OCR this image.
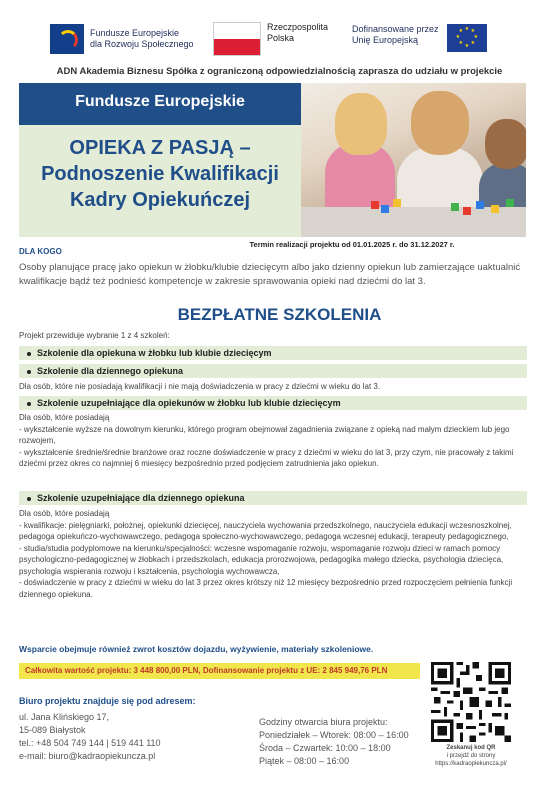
Fundusze Europejskie
dla Rozwoju Społecznego
Rzeczpospolita
Polska
Dofinansowane przez
Unię Europejską
★ ★
★
★
★
★
★
★
ADN Akademia Biznesu Spółka z ograniczoną odpowiedzialnością zaprasza do udziału w projekcie
Fundusze Europejskie
OPIEKA Z PASJĄ –
Podnoszenie Kwalifikacji
Kadry Opiekuńczej
Termin realizacji projektu od 01.01.2025 r. do 31.12.2027 r.
DLA KOGO
Osoby planujące pracę jako opiekun w żłobku/klubie dziecięcym albo jako dzienny opiekun lub zamierzające uaktualnić kwalifikacje bądź też podnieść kompetencje w zakresie sprawowania opieki nad dziećmi do lat 3.
BEZPŁATNE SZKOLENIA
Projekt przewiduje wybranie 1 z 4 szkoleń:
Szkolenie dla opiekuna w żłobku lub klubie dziecięcym
Szkolenie dla dziennego opiekuna
Dla osób, które nie posiadają kwalifikacji i nie mają doświadczenia w pracy z dziećmi w wieku do lat 3.
Szkolenie uzupełniające dla opiekunów w żłobku lub klubie dziecięcym
Dla osób, które posiadają
- wykształcenie wyższe na dowolnym kierunku, którego program obejmował zagadnienia związane z opieką nad małym dzieckiem lub jego rozwojem,
- wykształcenie średnie/średnie branżowe oraz roczne doświadczenie w pracy z dziećmi w wieku do lat 3, przy czym, nie pracowały z takimi dziećmi przez okres co najmniej 6 miesięcy bezpośrednio przed podjęciem zatrudnienia jako opiekun.
Szkolenie uzupełniające dla dziennego opiekuna
Dla osób, które posiadają
- kwalifikacje: pielęgniarki, położnej, opiekunki dziecięcej, nauczyciela wychowania przedszkolnego, nauczyciela edukacji wczesnoszkolnej, pedagoga opiekuńczo-wychowawczego, pedagoga społeczno-wychowawczego, pedagoga wczesnej edukacji, terapeuty pedagogicznego,
- studia/studia podyplomowe na kierunku/specjalności: wczesne wspomaganie rozwoju, wspomaganie rozwoju dzieci w ramach pomocy psychologiczno-pedagogicznej w żłobkach i przedszkolach, edukacja prorozwojowa, pedagogika małego dziecka, psychologia dziecięca, psychologia wspierania rozwoju i kształcenia, psychologia wychowawcza,
- doświadczenie w pracy z dziećmi w wieku do lat 3 przez okres krótszy niż 12 miesięcy bezpośrednio przed rozpoczęciem pełnienia funkcji dziennego opiekuna.
Wsparcie obejmuje również zwrot kosztów dojazdu, wyżywienie, materiały szkoleniowe.
Całkowita wartość projektu: 3 448 800,00 PLN, Dofinansowanie projektu z UE: 2 845 949,76 PLN
Biuro projektu znajduje się pod adresem:
ul. Jana Klińskiego 17,
15-089 Białystok
tel.: +48 504 749 144 | 519 441 110
e-mail: biuro@kadraopiekuncza.pl
Godziny otwarcia biura projektu:
Poniedziałek – Wtorek: 08:00 – 16:00
Środa – Czwartek: 10:00 – 18:00
Piątek – 08:00 – 16:00
Zeskanuj kod QR
i przejdź do strony
https://kadraopiekuncza.pl/
